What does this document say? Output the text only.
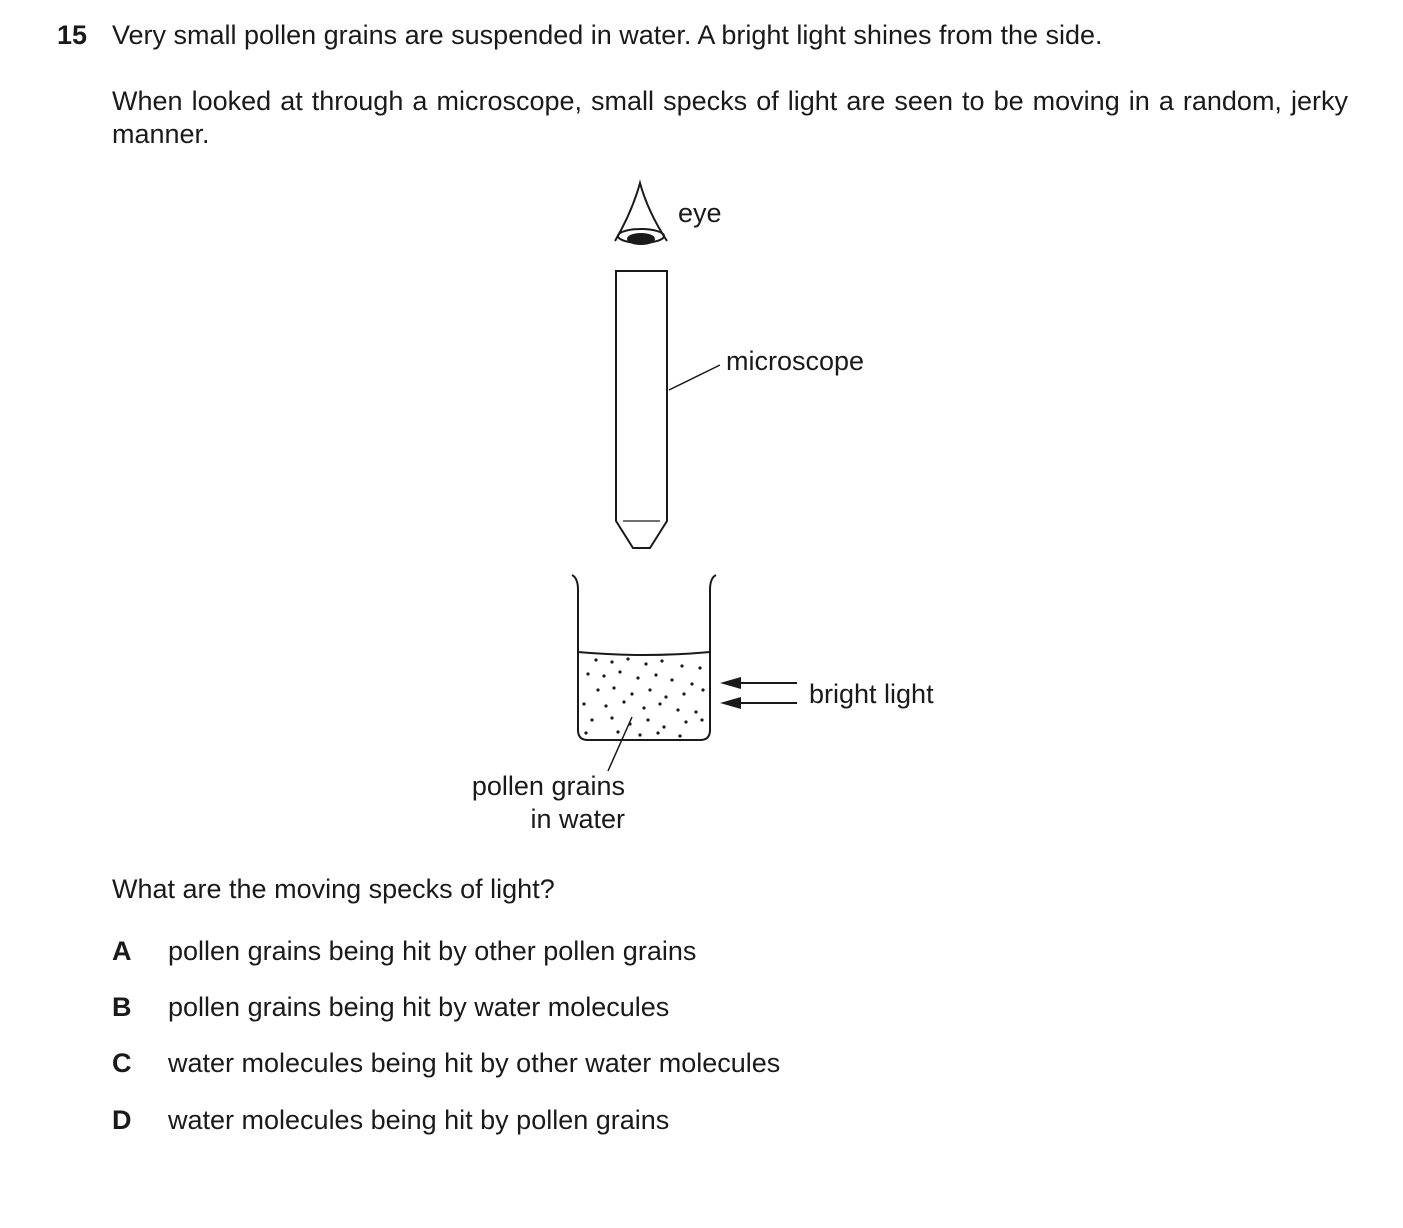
15 Very small pollen grains are suspended in water. A bright light shines from the side.
When looked at through a microscope, small specks of light are seen to be moving in a random, jerky manner.
eye
microscope
bright light
pollen grains
in water
What are the moving specks of light?
A pollen grains being hit by other pollen grains
B pollen grains being hit by water molecules
C water molecules being hit by other water molecules
D water molecules being hit by pollen grains
